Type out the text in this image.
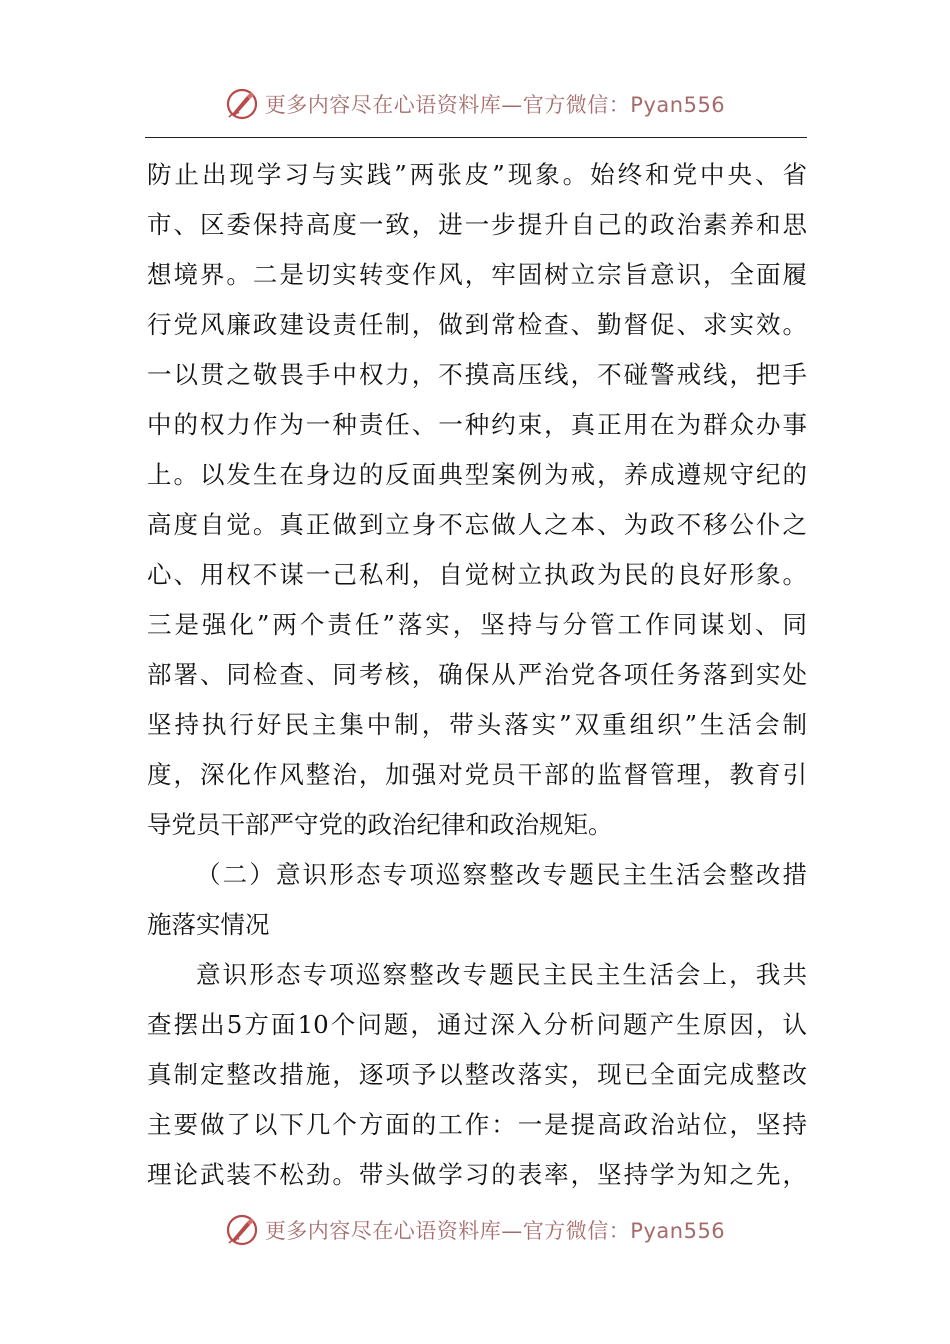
更多内容尽在心语资料库—官方微信：Pyan556
防止出现学习与实践”两张皮”现象。始终和党中央、省
市、区委保持高度一致，进一步提升自己的政治素养和思
想境界。二是切实转变作风，牢固树立宗旨意识，全面履
行党风廉政建设责任制，做到常检查、勤督促、求实效。
一以贯之敬畏手中权力，不摸高压线，不碰警戒线，把手
中的权力作为一种责任、一种约束，真正用在为群众办事
上。以发生在身边的反面典型案例为戒，养成遵规守纪的
高度自觉。真正做到立身不忘做人之本、为政不移公仆之
心、用权不谋一己私利，自觉树立执政为民的良好形象。
三是强化”两个责任”落实，坚持与分管工作同谋划、同
部署、同检查、同考核，确保从严治党各项任务落到实处
坚持执行好民主集中制，带头落实”双重组织”生活会制
度，深化作风整治，加强对党员干部的监督管理，教育引
导党员干部严守党的政治纪律和政治规矩。
（二）意识形态专项巡察整改专题民主生活会整改措
施落实情况
意识形态专项巡察整改专题民主民主生活会上，我共
查摆出5方面10个问题，通过深入分析问题产生原因，认
真制定整改措施，逐项予以整改落实，现已全面完成整改
主要做了以下几个方面的工作：一是提高政治站位，坚持
理论武装不松劲。带头做学习的表率，坚持学为知之先，
更多内容尽在心语资料库—官方微信：Pyan556
